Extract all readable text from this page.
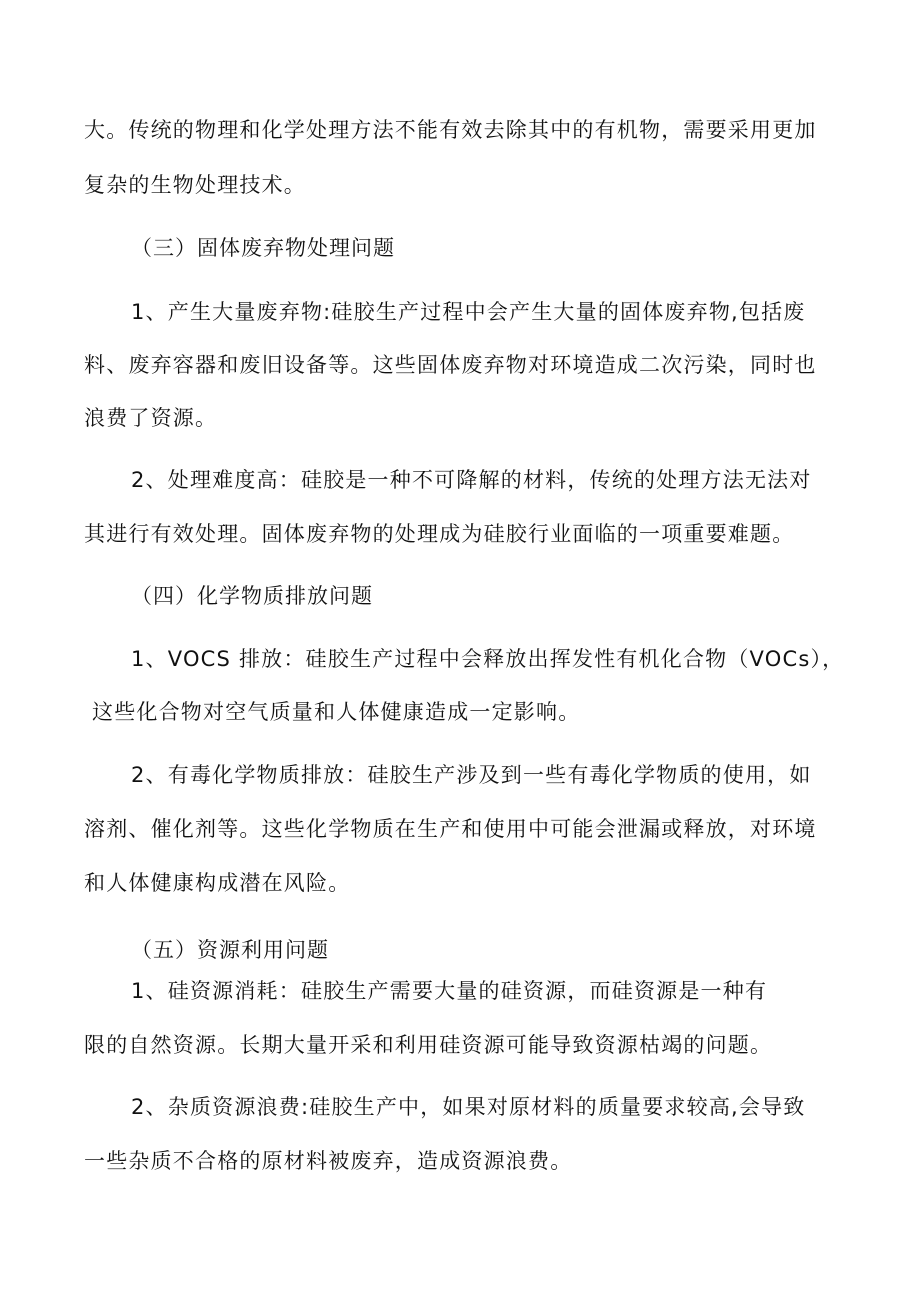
大。传统的物理和化学处理方法不能有效去除其中的有机物，需要采用更加
复杂的生物处理技术。
（三）固体废弃物处理问题
1、产生大量废弃物:硅胶生产过程中会产生大量的固体废弃物,包括废
料、废弃容器和废旧设备等。这些固体废弃物对环境造成二次污染，同时也
浪费了资源。
2、处理难度高：硅胶是一种不可降解的材料，传统的处理方法无法对
其进行有效处理。固体废弃物的处理成为硅胶行业面临的一项重要难题。
（四）化学物质排放问题
1、VOCS 排放：硅胶生产过程中会释放出挥发性有机化合物（VOCs），
这些化合物对空气质量和人体健康造成一定影响。
2、有毒化学物质排放：硅胶生产涉及到一些有毒化学物质的使用，如
溶剂、催化剂等。这些化学物质在生产和使用中可能会泄漏或释放，对环境
和人体健康构成潜在风险。
（五）资源利用问题
1、硅资源消耗：硅胶生产需要大量的硅资源，而硅资源是一种有
限的自然资源。长期大量开采和利用硅资源可能导致资源枯竭的问题。
2、杂质资源浪费:硅胶生产中，如果对原材料的质量要求较高,会导致
一些杂质不合格的原材料被废弃，造成资源浪费。
